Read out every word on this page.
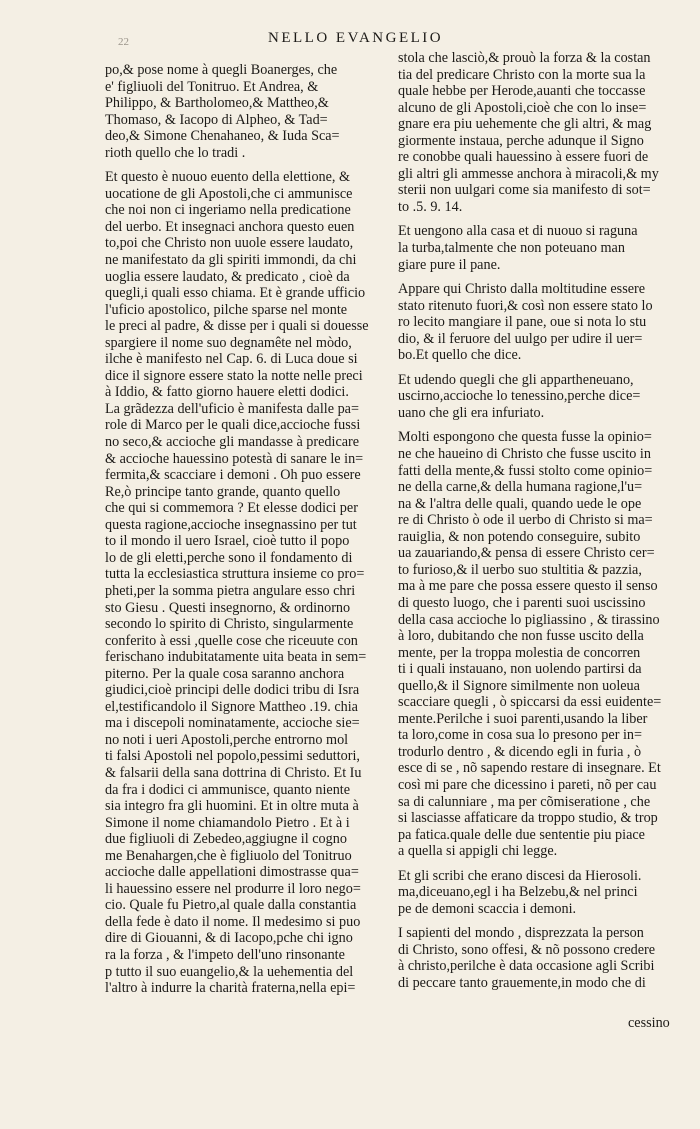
22	NELLO EVANGELIO
po,& pose nome à quegli Boanerges, che
e' figliuoli del Tonitruo. Et Andrea, &
Philippo, & Bartholomeo,& Mattheo,&
Thomaso, & Iacopo di Alpheo, & Tad=
deo,& Simone Chenahaneo, & Iuda Sca=
rioth quello che lo tradi .
Et questo è nuouo euento della elettione, &
uocatione de gli Apostoli,che ci ammunisce
che noi non ci ingeriamo nella predicatione
del uerbo. Et insegnaci anchora questo euen
to,poi che Christo non uuole essere laudato,
ne manifestato da gli spiriti immondi, da chi
uoglia essere laudato, & predicato , cioè da
quegli,i quali esso chiama. Et è grande ufficio
l'uficio apostolico, pilche sparse nel monte
le preci al padre, & disse per i quali si douesse
spargiere il nome suo degnamête nel mòdo,
ilche è manifesto nel Cap. 6. di Luca doue si
dice il signore essere stato la notte nelle preci
à Iddio, & fatto giorno hauere eletti dodici.
La grãdezza dell'uficio è manifesta dalle pa=
role di Marco per le quali dice,accioche fussi
no seco,& accioche gli mandasse à predicare
& accioche hauessino potestà di sanare le in=
fermita,& scacciare i demoni . Oh puo essere
Re,ò principe tanto grande, quanto quello
che qui si commemora ? Et elesse dodici per
questa ragione,accioche insegnassino per tut
to il mondo il uero Israel, cioè tutto il popo
lo de gli eletti,perche sono il fondamento di
tutta la ecclesiastica struttura insieme co pro=
pheti,per la somma pietra angulare esso chri
sto Giesu . Questi insegnorno, & ordinorno
secondo lo spirito di Christo, singularmente
conferito à essi ,quelle cose che riceuute con
ferischano indubitatamente uita beata in sem=
piterno. Per la quale cosa saranno anchora
giudici,cioè principi delle dodici tribu di Isra
el,testificandolo il Signore Mattheo .19. chia
ma i discepoli nominatamente, accioche sie=
no noti i ueri Apostoli,perche entrorno mol
ti falsi Apostoli nel popolo,pessimi seduttori,
& falsarii della sana dottrina di Christo. Et Iu
da fra i dodici ci ammunisce, quanto niente
sia integro fra gli huomini. Et in oltre muta à
Simone il nome chiamandolo Pietro . Et à i
due figliuoli di Zebedeo,aggiugne il cogno
me Benahargen,che è figliuolo del Tonitruo
accioche dalle appellationi dimostrasse qua=
li hauessino essere nel produrre il loro nego=
cio. Quale fu Pietro,al quale dalla constantia
della fede è dato il nome. Il medesimo si puo
dire di Giouanni, & di Iacopo,pche chi igno
ra la forza , & l'impeto dell'uno rinsonante
p tutto il suo euangelio,& la uehementia del
l'altro à indurre la charità fraterna,nella epi=
stola che lasciò,& prouò la forza & la costan
tia del predicare Christo con la morte sua la
quale hebbe per Herode,auanti che toccasse
alcuno de gli Apostoli,cioè che con lo inse=
gnare era piu uehemente che gli altri, & mag
giormente instaua, perche adunque il Signo
re conobbe quali hauessino à essere fuori de
gli altri gli ammesse anchora à miracoli,& my
sterii non uulgari come sia manifesto di sot=
to .5. 9. 14.
Et uengono alla casa et di nuouo si raguna
la turba,talmente che non poteuano man
giare pure il pane.
Appare qui Christo dalla moltitudine essere
stato ritenuto fuori,& così non essere stato lo
ro lecito mangiare il pane, oue si nota lo stu
dio, & il feruore del uulgo per udire il uer=
bo.Et quello che dice.
Et udendo quegli che gli appartheneuano,
uscirno,accioche lo tenessino,perche dice=
uano che gli era infuriato.
Molti espongono che questa fusse la opinio=
ne che haueino di Christo che fusse uscito in
fatti della mente,& fussi stolto come opinio=
ne della carne,& della humana ragione,l'u=
na & l'altra delle quali, quando uede le ope
re di Christo ò ode il uerbo di Christo si ma=
rauiglia, & non potendo conseguire, subito
ua zauariando,& pensa di essere Christo cer=
to furioso,& il uerbo suo stultitia & pazzia,
ma à me pare che possa essere questo il senso
di questo luogo, che i parenti suoi uscissino
della casa accioche lo pigliassino , & tirassino
à loro, dubitando che non fusse uscito della
mente, per la troppa molestia de concorren
ti i quali instauano, non uolendo partirsi da
quello,& il Signore similmente non uoleua
scacciare quegli , ò spiccarsi da essi euidente=
mente.Perilche i suoi parenti,usando la liber
ta loro,come in cosa sua lo presono per in=
trodurlo dentro , & dicendo egli in furia , ò
esce di se , nõ sapendo restare di insegnare. Et
così mi pare che dicessino i pareti, nõ per cau
sa di calunniare , ma per cõmiseratione , che
si lasciasse affaticare da troppo studio, & trop
pa fatica.quale delle due sententie piu piace
a quella si appigli chi legge.
Et gli scribi che erano discesi da Hierosoli.
ma,diceuano,egl i ha Belzebu,& nel princi
pe de demoni scaccia i demoni.
I sapienti del mondo , disprezzata la person
di Christo, sono offesi, & nõ possono credere
à christo,perilche è data occasione agli Scribi
di peccare tanto grauemente,in modo che di
cessino
